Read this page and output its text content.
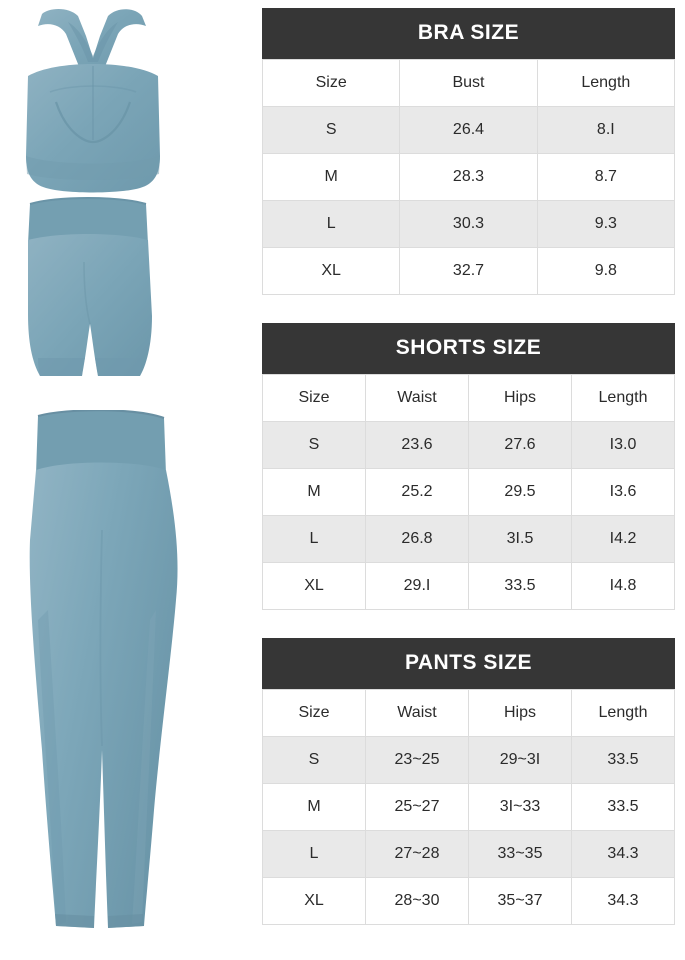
BRA SIZE
Size	Bust	Length
S	26.4	8.I
M	28.3	8.7
L	30.3	9.3
XL	32.7	9.8
SHORTS SIZE
Size	Waist	Hips	Length
S	23.6	27.6	I3.0
M	25.2	29.5	I3.6
L	26.8	3I.5	I4.2
XL	29.I	33.5	I4.8
PANTS SIZE
Size	Waist	Hips	Length
S	23~25	29~3I	33.5
M	25~27	3I~33	33.5
L	27~28	33~35	34.3
XL	28~30	35~37	34.3
